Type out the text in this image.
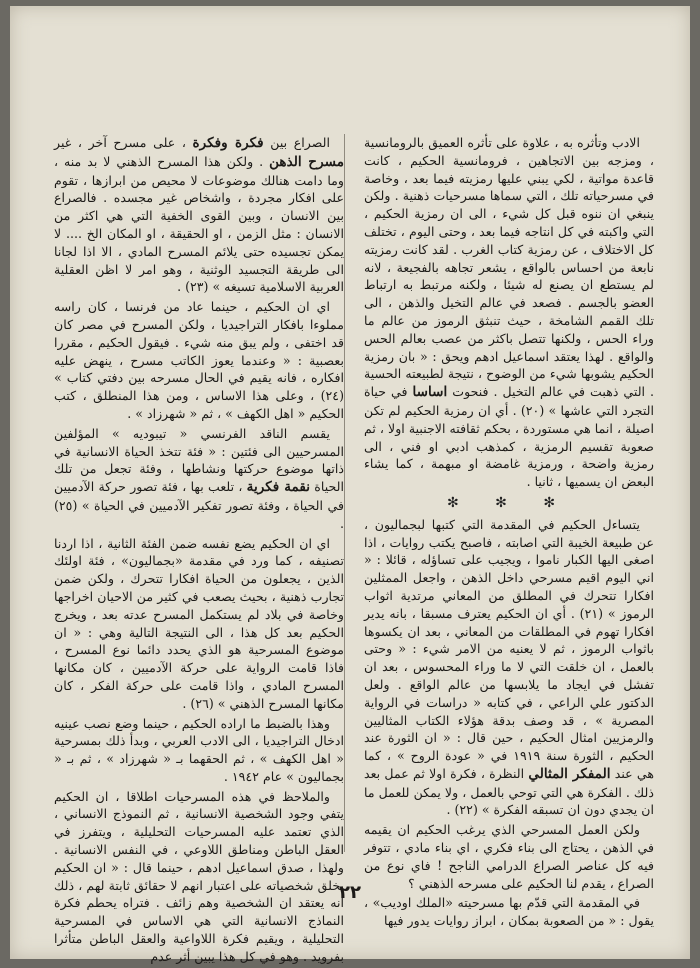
الادب وتأثره به ، علاوة على تأثره العميق بالرومانسية ، ومزجه بين الاتجاهين ، فرومانسية الحكيم ، كانت قاعدة مواتية ، لكي يبني عليها رمزيته فيما بعد ، وخاصة في مسرحياته تلك ، التي سماها مسرحيات ذهنية . ولكن ينبغي ان ننوه قبل كل شيء ، الى ان رمزية الحكيم ، التي واكبته في كل انتاجه فيما بعد ، وحتى اليوم ، تختلف كل الاختلاف ، عن رمزية كتاب الغرب . لقد كانت رمزيته نابعة من احساس بالواقع ، يشعر تجاهه بالفجيعة ، لانه لم يستطع ان يصنع له شيئا ، ولكنه مرتبط به ارتباط العضو بالجسم . فصعد في عالم التخيل والذهن ، الى تلك القمم الشامخة ، حيث تنبثق الرموز من عالم ما وراء الحس ، ولكنها تتصل باكثر من عصب بعالم الحس والواقع . لهذا يعتقد اسماعيل ادهم ويحق : « بان رمزية الحكيم يشوبها شيء من الوضوح ، نتيجة لطبيعته الحسية . التي ذهبت في عالم التخيل . فنحوت اساسا في حياة التجرد التي عاشها » (٢٠) . أي ان رمزية الحكيم لم تكن اصيلة ، انما هي مستوردة ، بحكم ثقافته الاجنبية اولا ، ثم صعوبة تقسيم الرمزية ، كمذهب ادبي او فني ، الى رمزية واضحة ، ورمزية غامضة او مبهمة ، كما يشاء البعض ان يسميها ، ثانيا .

✻ ✻ ✻

يتساءل الحكيم في المقدمة التي كتبها لبجماليون ، عن طبيعة الخيبة التي اصابته ، فاصبح يكتب روايات ، اذا اصغى اليها الكبار ناموا ، ويجيب على تساؤله ، قائلا : « اني اليوم اقيم مسرحي داخل الذهن ، واجعل الممثلين افكارا تتحرك في المطلق من المعاني مرتدية اثواب الرموز » (٢١) . أي ان الحكيم يعترف مسبقا ، بانه يدير افكارا تهوم في المطلقات من المعاني ، بعد ان يكسوها باثواب الرموز ، ثم لا يعنيه من الامر شيء : « وحتى بالعمل ، ان خلقت التي لا ما وراء المحسوس ، بعد ان تفشل في ايجاد ما يلابسها من عالم الواقع . ولعل الدكتور علي الراعي ، في كتابه « دراسات في الرواية المصرية » ، قد وصف بدقة هؤلاء الكتاب المثاليين والرمزيين امثال الحكيم ، حين قال : « ان الثورة عند الحكيم ، الثورة سنة ١٩١٩ في « عودة الروح » ، كما هي عند المفكر المثالي النظرة ، فكرة اولا ثم عمل بعد ذلك . الفكرة هي التي توحي بالعمل ، ولا يمكن للعمل ما ان يجدي دون ان تسبقه الفكرة » (٢٢) .

ولكن العمل المسرحي الذي يرغب الحكيم ان يقيمه في الذهن ، يحتاج الى بناء فكري ، اي بناء مادي ، تتوفر فيه كل عناصر الصراع الدرامي الناجح ! فاي نوع من الصراع ، يقدم لنا الحكيم على مسرحه الذهني ؟

في المقدمة التي قدّم بها مسرحيته «الملك اوديب» ، يقول : « من الصعوبة بمكان ، ابراز روايات يدور فيها

الصراع بين فكرة وفكرة ، على مسرح آخر ، غير مسرح الذهن . ولكن هذا المسرح الذهني لا بد منه ، وما دامت هنالك موضوعات لا محيص من ابرازها ، تقوم على افكار مجردة ، واشخاص غير مجسده . فالصراع بين الانسان ، وبين القوى الخفية التي هي اكثر من الانسان : مثل الزمن ، او الحقيقة ، او المكان الخ .... لا يمكن تجسيده حتى يلائم المسرح المادي ، الا اذا لجانا الى طريقة التجسيد الوثنية ، وهو امر لا اظن العقلية العربية الاسلامية تسيغه » (٢٣) .

اي ان الحكيم ، حينما عاد من فرنسا ، كان راسه مملوءا بافكار التراجيديا ، ولكن المسرح في مصر كان قد اختفى ، ولم يبق منه شيء . فيقول الحكيم ، مقررا بعصبية : « وعندما يعوز الكاتب مسرح ، ينهض عليه افكاره ، فانه يقيم في الحال مسرحه بين دفتي كتاب » (٢٤) ، وعلى هذا الاساس ، ومن هذا المنطلق ، كتب الحكيم « اهل الكهف » ، ثم « شهرزاد » .

يقسم الناقد الفرنسي « تيبوديه » المؤلفين المسرحيين الى فئتين : « فئة تتخذ الحياة الانسانية في ذاتها موضوع حركتها ونشاطها ، وفئة تجعل من تلك الحياة نقمة فكرية ، تلعب بها ، فئة تصور حركة الآدميين في الحياة ، وفئة تصور تفكير الآدميين في الحياة » (٢٥) .

اي ان الحكيم يضع نفسه ضمن الفئة الثانية ، اذا اردنا تصنيفه ، كما ورد في مقدمة «بجماليون» ، فئة اولئك الذين ، يجعلون من الحياة افكارا تتحرك ، ولكن ضمن تجارب ذهنية ، بحيث يصعب في كثير من الاحيان اخراجها وخاصة في بلاد لم يستكمل المسرح عدته بعد ، ويخرج الحكيم بعد كل هذا ، الى النتيجة التالية وهي : « ان موضوع المسرحية هو الذي يحدد دائما نوع المسرح ، فاذا قامت الرواية على حركة الآدميين ، كان مكانها المسرح المادي ، واذا قامت على حركة الفكر ، كان مكانها المسرح الذهني » (٢٦) .

وهذا بالضبط ما اراده الحكيم ، حينما وضع نصب عينيه ادخال التراجيديا ، الى الادب العربي ، وبدأ ذلك بمسرحية « اهل الكهف » ، ثم الحقهما بـ « شهرزاد » ، ثم بـ « بجماليون » عام ١٩٤٢ .

والملاحظ في هذه المسرحيات اطلاقا ، ان الحكيم يتفي وجود الشخصية الانسانية ، ثم النموذج الانساني ، الذي تعتمد عليه المسرحيات التحليلية ، ويتفرز في العقل الباطن ومناطق اللاوعي ، في النفس الانسانية . ولهذا ، صدق اسماعيل ادهم ، حينما قال : « ان الحكيم يخلق شخصياته على اعتبار انهم لا حقائق ثابتة لهم ، ذلك انه يعتقد ان الشخصية وهم زائف . فتراه يحطم فكرة النماذج الانسانية التي هي الاساس في المسرحية التحليلية ، ويقيم فكرة اللاواعية والعقل الباطن متأثرا بفرويد . وهو في كل هذا يبين أثر عدم

٢٢
